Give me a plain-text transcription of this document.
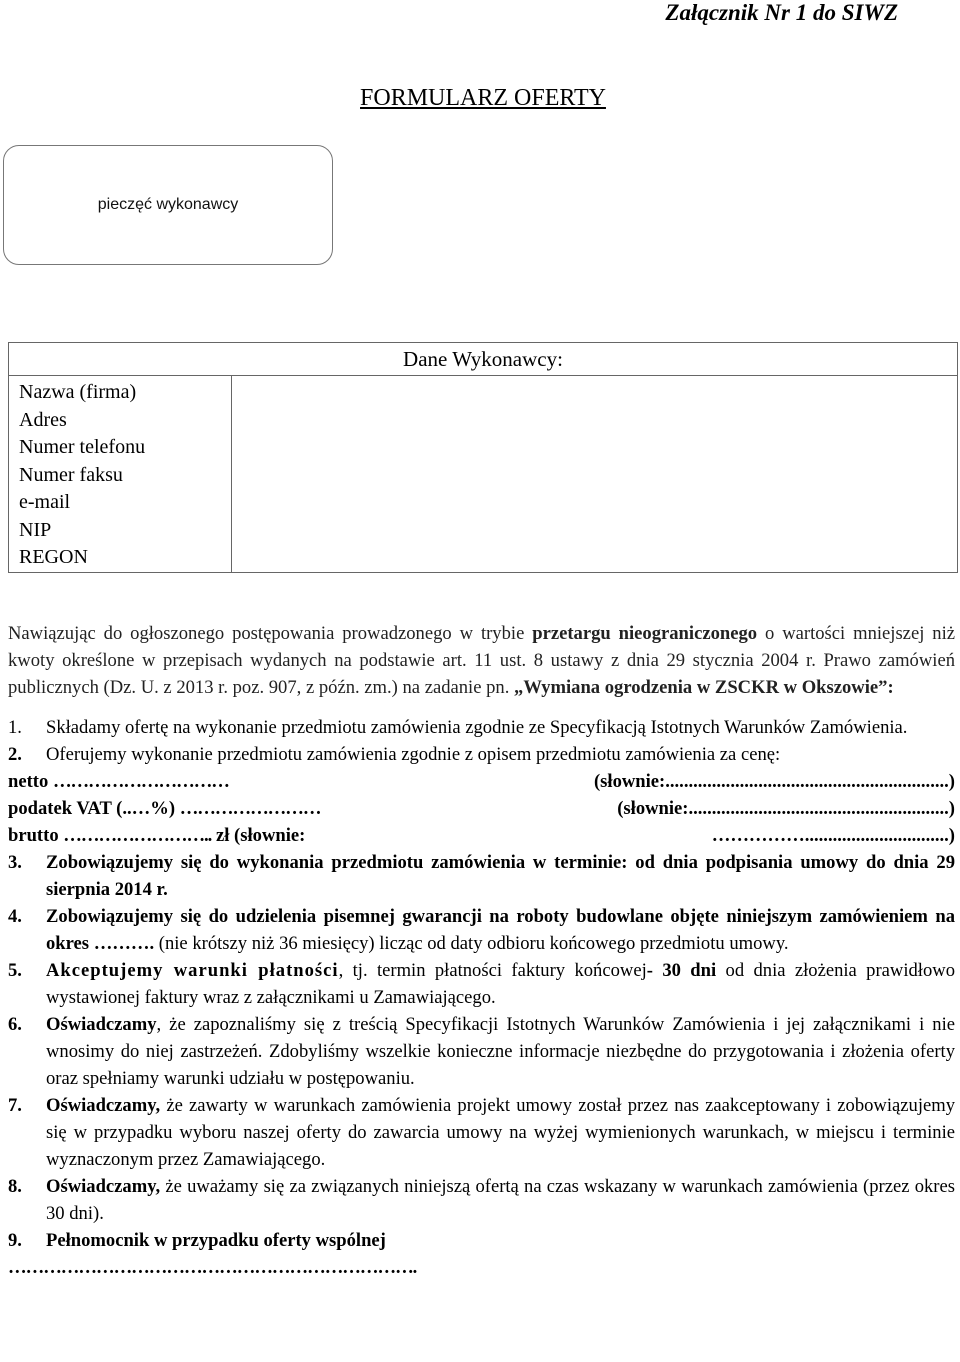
Załącznik Nr 1 do SIWZ
FORMULARZ OFERTY
pieczęć wykonawcy
Dane Wykonawcy:

Nazwa (firma)
Adres
Numer telefonu
Numer faksu
e-mail
NIP
REGON

Nawiązując do ogłoszonego postępowania prowadzonego w trybie przetargu nieograniczonego o wartości mniejszej niż kwoty określone w przepisach wydanych na podstawie art. 11 ust. 8 ustawy z dnia 29 stycznia 2004 r. Prawo zamówień publicznych (Dz. U. z 2013 r. poz. 907, z późn. zm.) na zadanie pn. „Wymiana ogrodzenia w ZSCKR w Okszowie”:

1.	Składamy ofertę na wykonanie przedmiotu zamówienia zgodnie ze Specyfikacją Istotnych Warunków Zamówienia.
2.	Oferujemy wykonanie przedmiotu zamówienia zgodnie z opisem przedmiotu zamówienia za cenę:
netto …………………………	(słownie:.............................................................)
podatek VAT (..…%) ……………………	(słownie:........................................................)
brutto …………………….. zł (słownie:	……………...............................)
3.	Zobowiązujemy się do wykonania przedmiotu zamówienia w terminie: od dnia podpisania umowy do dnia 29 sierpnia 2014 r.
4.	Zobowiązujemy się do udzielenia pisemnej gwarancji na roboty budowlane objęte niniejszym zamówieniem na okres ………. (nie krótszy niż 36 miesięcy) licząc od daty odbioru końcowego przedmiotu umowy.
5.	Akceptujemy warunki płatności, tj. termin płatności faktury końcowej- 30 dni od dnia złożenia prawidłowo wystawionej faktury wraz z załącznikami u Zamawiającego.
6.	Oświadczamy, że zapoznaliśmy się z treścią Specyfikacji Istotnych Warunków Zamówienia i jej załącznikami i nie wnosimy do niej zastrzeżeń. Zdobyliśmy wszelkie konieczne informacje niezbędne do przygotowania i złożenia oferty oraz spełniamy warunki udziału w postępowaniu.
7.	Oświadczamy, że zawarty w warunkach zamówienia projekt umowy został przez nas zaakceptowany i zobowiązujemy się w przypadku wyboru naszej oferty do zawarcia umowy na wyżej wymienionych warunkach, w miejscu i terminie wyznaczonym przez Zamawiającego.
8.	Oświadczamy, że uważamy się za związanych niniejszą ofertą na czas wskazany w warunkach zamówienia (przez okres 30 dni).
9.	Pełnomocnik w przypadku oferty wspólnej
…………………………………………………………….
